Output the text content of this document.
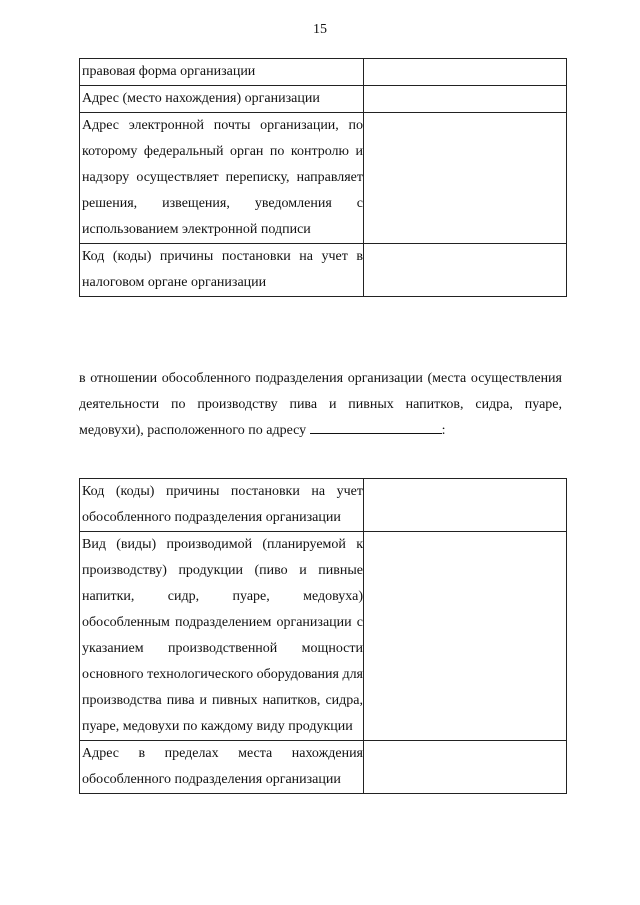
15
правовая форма организации	

Адрес (место нахождения) организации	

Адрес электронной почты организации, по которому федеральный орган по контролю и надзору осуществляет переписку, направляет решения, извещения, уведомления с использованием электронной подписи	

Код (коды) причины постановки на учет в налоговом органе организации	

в отношении обособленного подразделения организации (места осуществления деятельности по производству пива и пивных напитков, сидра, пуаре, медовухи), расположенного по адресу	:
Код (коды) причины постановки на учет обособленного подразделения организации	

Вид (виды) производимой (планируемой к производству) продукции (пиво и пивные напитки, сидр, пуаре, медовуха) обособленным подразделением организации с указанием производственной мощности основного технологического оборудования для производства пива и пивных напитков, сидра, пуаре, медовухи по каждому виду продукции	

Адрес в пределах места нахождения обособленного подразделения организации	
